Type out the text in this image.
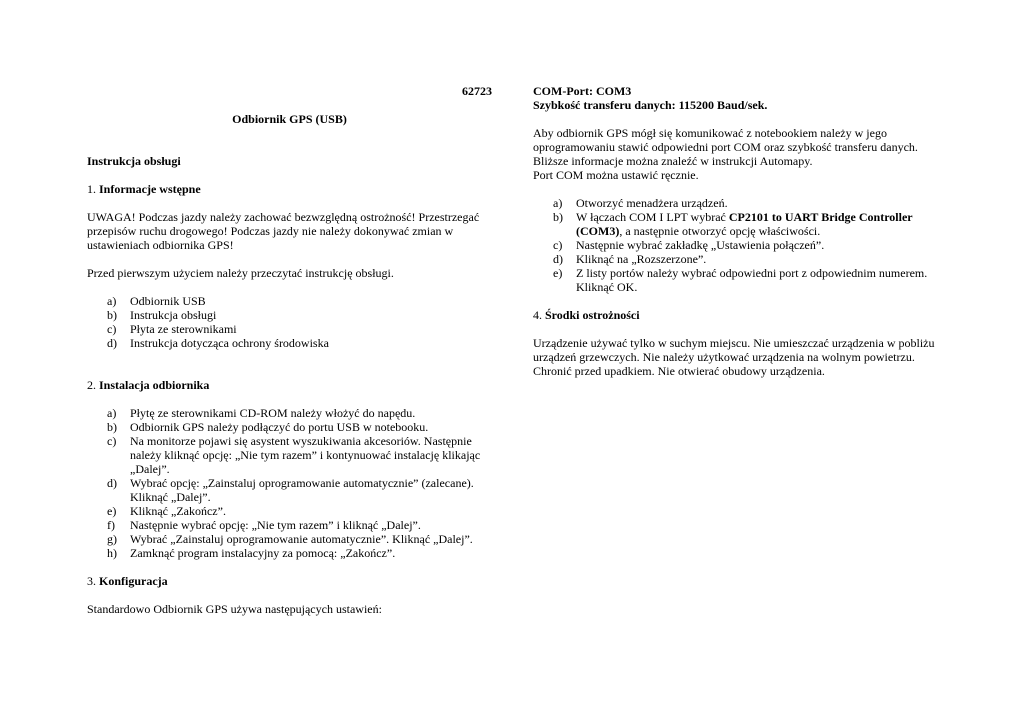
62723

Odbiornik GPS (USB)

Instrukcja obsługi

1. Informacje wstępne

UWAGA! Podczas jazdy należy zachować bezwzględną ostrożność! Przestrzegać przepisów ruchu drogowego! Podczas jazdy nie należy dokonywać zmian w ustawieniach odbiornika GPS!

Przed pierwszym użyciem należy przeczytać instrukcję obsługi.

a) Odbiornik USB
b) Instrukcja obsługi
c) Płyta ze sterownikami
d) Instrukcja dotycząca ochrony środowiska

2. Instalacja odbiornika

a) Płytę ze sterownikami CD-ROM należy włożyć do napędu.
b) Odbiornik GPS należy podłączyć do portu USB w notebooku.
c) Na monitorze pojawi się asystent wyszukiwania akcesoriów. Następnie należy kliknąć opcję: „Nie tym razem” i kontynuować instalację klikając „Dalej”.
d) Wybrać opcję: „Zainstaluj oprogramowanie automatycznie” (zalecane). Kliknąć „Dalej”.
e) Kliknąć „Zakończ”.
f) Następnie wybrać opcję: „Nie tym razem” i kliknąć „Dalej”.
g) Wybrać „Zainstaluj oprogramowanie automatycznie”. Kliknąć „Dalej”.
h) Zamknąć program instalacyjny za pomocą: „Zakończ”.

3. Konfiguracja

Standardowo Odbiornik GPS używa następujących ustawień:

COM-Port: COM3

Szybkość transferu danych: 115200 Baud/sek.

Aby odbiornik GPS mógł się komunikować z notebookiem należy w jego oprogramowaniu stawić odpowiedni port COM oraz szybkość transferu danych. Bliższe informacje można znaleźć w instrukcji Automapy.

Port COM można ustawić ręcznie.

a) Otworzyć menadżera urządzeń.
b) W łączach COM I LPT wybrać CP2101 to UART Bridge Controller (COM3), a następnie otworzyć opcję właściwości.
c) Następnie wybrać zakładkę „Ustawienia połączeń”.
d) Kliknąć na „Rozszerzone”.
e) Z listy portów należy wybrać odpowiedni port z odpowiednim numerem. Kliknąć OK.

4. Środki ostrożności

Urządzenie używać tylko w suchym miejscu. Nie umieszczać urządzenia w pobliżu urządzeń grzewczych. Nie należy użytkować urządzenia na wolnym powietrzu. Chronić przed upadkiem. Nie otwierać obudowy urządzenia.
